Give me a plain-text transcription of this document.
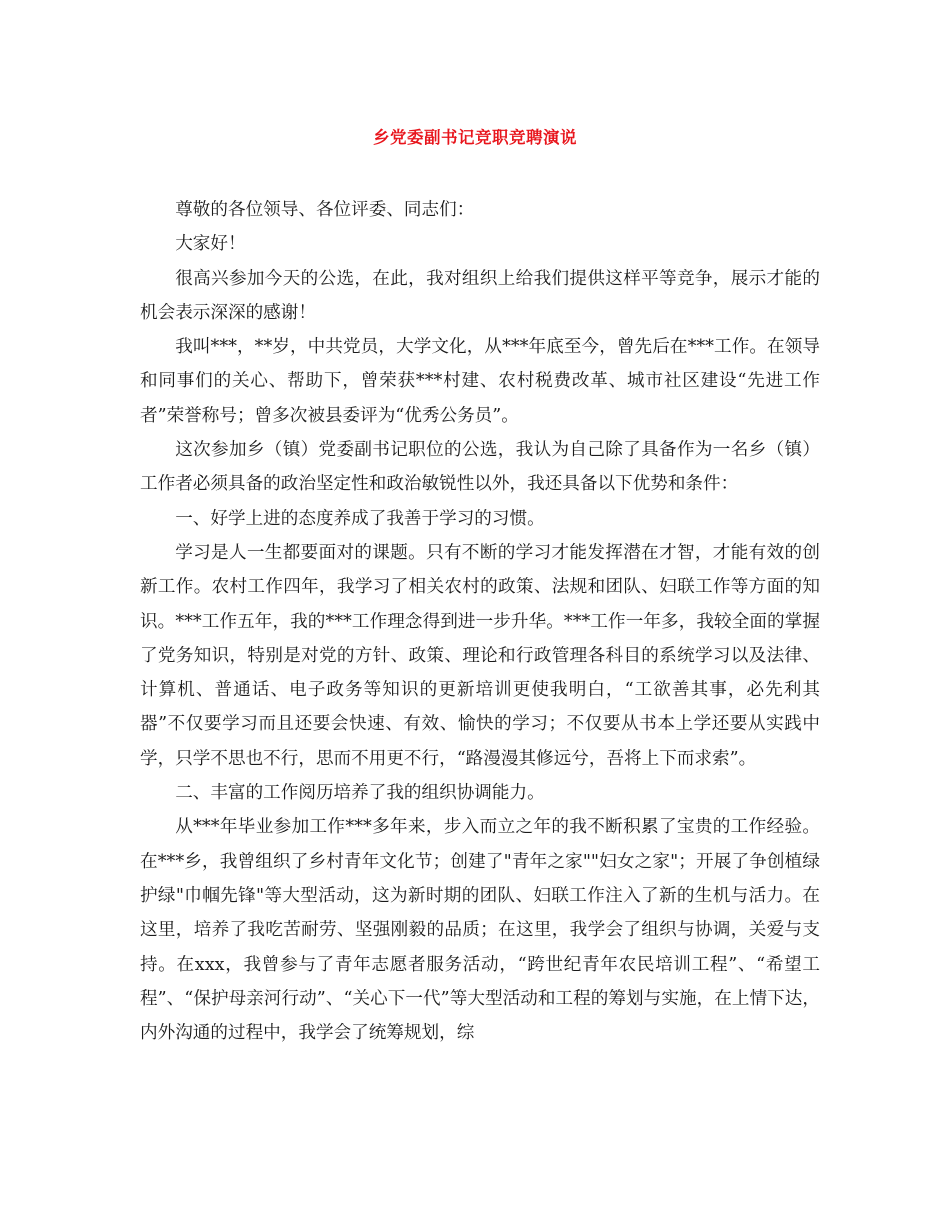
乡党委副书记竞职竞聘演说

尊敬的各位领导、各位评委、同志们：

大家好！

很高兴参加今天的公选，在此，我对组织上给我们提供这样平等竞争，展示才能的机会表示深深的感谢！

我叫***，**岁，中共党员，大学文化，从***年底至今，曾先后在***工作。在领导和同事们的关心、帮助下，曾荣获***村建、农村税费改革、城市社区建设“先进工作者”荣誉称号；曾多次被县委评为“优秀公务员”。

这次参加乡（镇）党委副书记职位的公选，我认为自己除了具备作为一名乡（镇）工作者必须具备的政治坚定性和政治敏锐性以外，我还具备以下优势和条件：

一、好学上进的态度养成了我善于学习的习惯。

学习是人一生都要面对的课题。只有不断的学习才能发挥潜在才智，才能有效的创新工作。农村工作四年，我学习了相关农村的政策、法规和团队、妇联工作等方面的知识。***工作五年，我的***工作理念得到进一步升华。***工作一年多，我较全面的掌握了党务知识，特别是对党的方针、政策、理论和行政管理各科目的系统学习以及法律、计算机、普通话、电子政务等知识的更新培训更使我明白，“工欲善其事，必先利其器”不仅要学习而且还要会快速、有效、愉快的学习；不仅要从书本上学还要从实践中学，只学不思也不行，思而不用更不行，“路漫漫其修远兮，吾将上下而求索”。

二、丰富的工作阅历培养了我的组织协调能力。

从***年毕业参加工作***多年来，步入而立之年的我不断积累了宝贵的工作经验。在***乡，我曾组织了乡村青年文化节；创建了"青年之家""妇女之家"；开展了争创植绿护绿"巾帼先锋"等大型活动，这为新时期的团队、妇联工作注入了新的生机与活力。在这里，培养了我吃苦耐劳、坚强刚毅的品质；在这里，我学会了组织与协调，关爱与支持。在xxx，我曾参与了青年志愿者服务活动，“跨世纪青年农民培训工程”、“希望工程”、“保护母亲河行动”、“关心下一代”等大型活动和工程的筹划与实施，在上情下达，内外沟通的过程中，我学会了统筹规划，综
